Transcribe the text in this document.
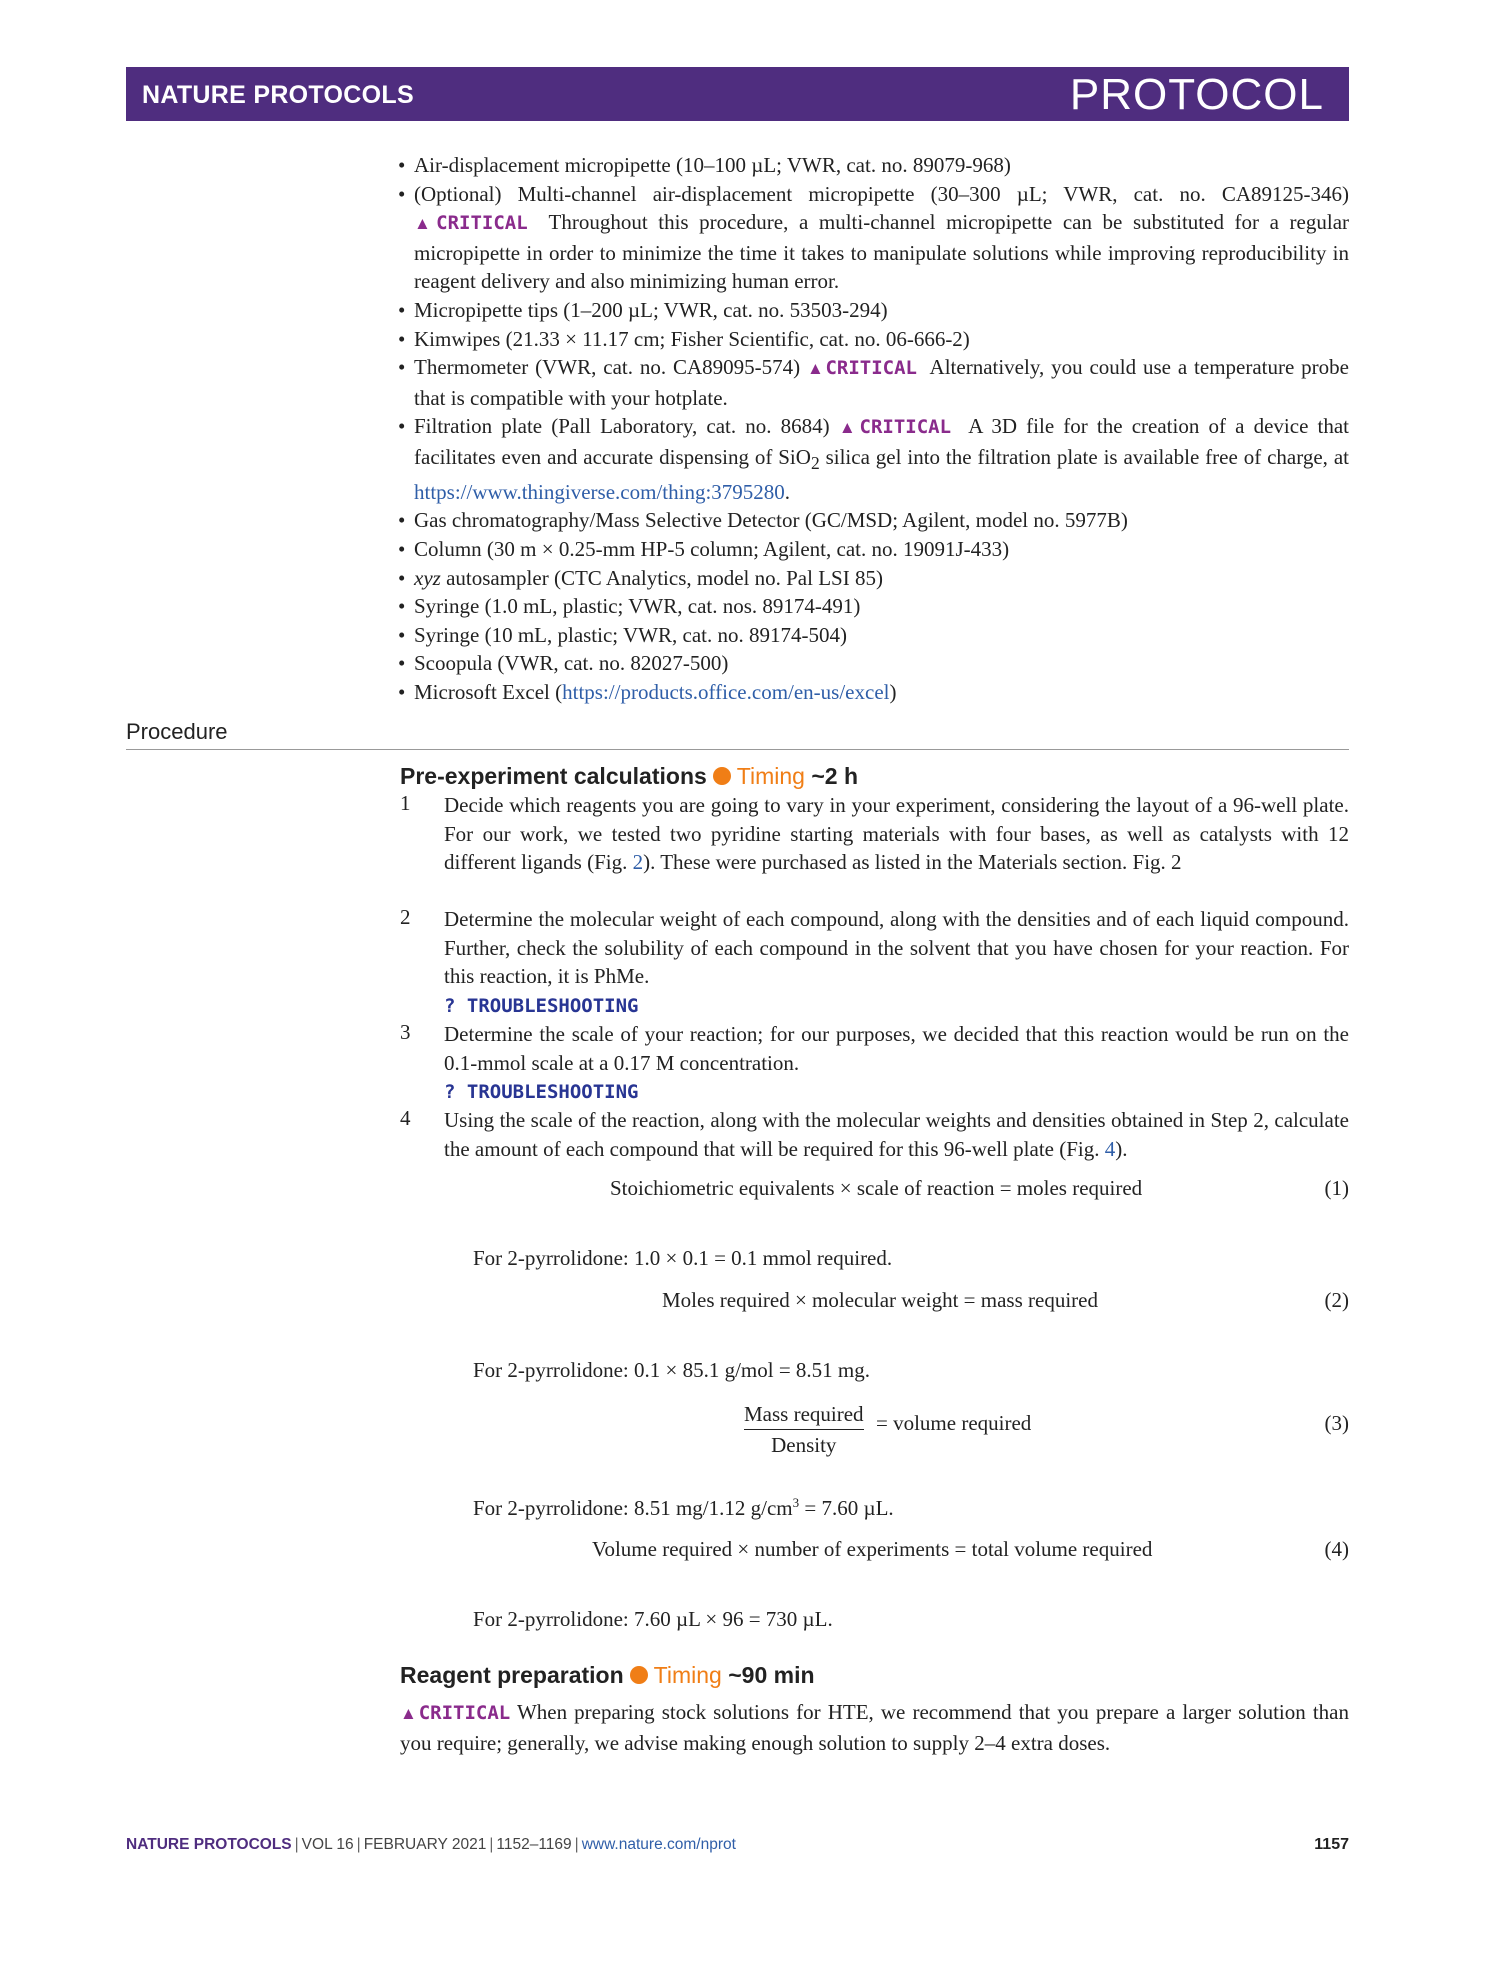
NATURE PROTOCOLS	PROTOCOL
• Air-displacement micropipette (10–100 µL; VWR, cat. no. 89079-968)
• (Optional) Multi-channel air-displacement micropipette (30–300 µL; VWR, cat. no. CA89125-346) ▲CRITICAL Throughout this procedure, a multi-channel micropipette can be substituted for a regular micropipette in order to minimize the time it takes to manipulate solutions while improving reproducibility in reagent delivery and also minimizing human error.
• Micropipette tips (1–200 µL; VWR, cat. no. 53503-294)
• Kimwipes (21.33 × 11.17 cm; Fisher Scientific, cat. no. 06-666-2)
• Thermometer (VWR, cat. no. CA89095-574) ▲CRITICAL Alternatively, you could use a temperature probe that is compatible with your hotplate.
• Filtration plate (Pall Laboratory, cat. no. 8684) ▲CRITICAL A 3D file for the creation of a device that facilitates even and accurate dispensing of SiO$_2$ silica gel into the filtration plate is available free of charge, at https://www.thingiverse.com/thing:3795280.
• Gas chromatography/Mass Selective Detector (GC/MSD; Agilent, model no. 5977B)
• Column (30 m × 0.25-mm HP-5 column; Agilent, cat. no. 19091J-433)
• xyz autosampler (CTC Analytics, model no. Pal LSI 85)
• Syringe (1.0 mL, plastic; VWR, cat. nos. 89174-491)
• Syringe (10 mL, plastic; VWR, cat. no. 89174-504)
• Scoopula (VWR, cat. no. 82027-500)
• Microsoft Excel (https://products.office.com/en-us/excel)
Procedure
Pre-experiment calculations Timing ~2 h
1 Decide which reagents you are going to vary in your experiment, considering the layout of a 96-well plate. For our work, we tested two pyridine starting materials with four bases, as well as catalysts with 12 different ligands (Fig. 2). These were purchased as listed in the Materials section. Fig. 2
2 Determine the molecular weight of each compound, along with the densities and of each liquid compound. Further, check the solubility of each compound in the solvent that you have chosen for your reaction. For this reaction, it is PhMe.
? TROUBLESHOOTING
3 Determine the scale of your reaction; for our purposes, we decided that this reaction would be run on the 0.1-mmol scale at a 0.17 M concentration.
? TROUBLESHOOTING
4 Using the scale of the reaction, along with the molecular weights and densities obtained in Step 2, calculate the amount of each compound that will be required for this 96-well plate (Fig. 4).
Stoichiometric equivalents × scale of reaction = moles required	(1)
For 2-pyrrolidone: 1.0 × 0.1 = 0.1 mmol required.
Moles required × molecular weight = mass required	(2)
For 2-pyrrolidone: 0.1 × 85.1 g/mol = 8.51 mg.
Mass required
Density
= volume required	(3)
For 2-pyrrolidone: 8.51 mg/1.12 $g/cm^3 = 7.60$ µL.
Volume required × number of experiments = total volume required	(4)
For 2-pyrrolidone: 7.60 µL × 96 = 730 µL.
Reagent preparation Timing ~90 min
▲CRITICAL When preparing stock solutions for HTE, we recommend that you prepare a larger solution than you require; generally, we advise making enough solution to supply 2–4 extra doses.
NATURE PROTOCOLS | VOL 16 | FEBRUARY 2021 | 1152–1169 | www.nature.com/nprot	1157
